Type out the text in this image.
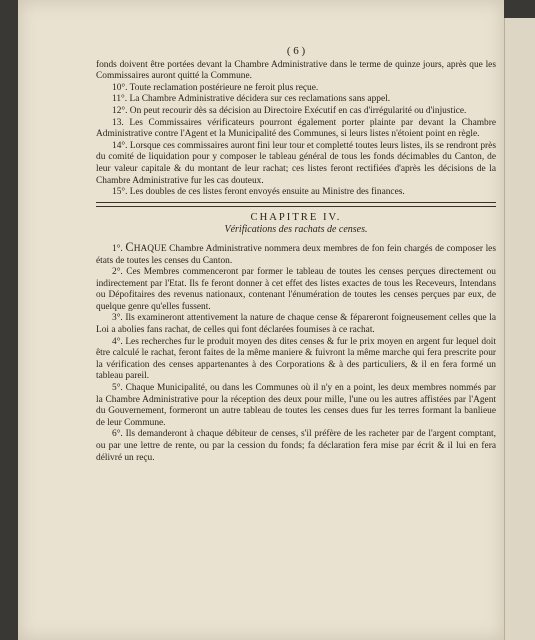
( 6 )

fonds doivent être portées devant la Chambre Administrative dans le terme de quinze jours, après que les Commissaires auront quitté la Commune.

10°. Toute reclamation postérieure ne feroit plus reçue.

11°. La Chambre Administrative décidera sur ces reclamations sans appel.

12°. On peut recourir dès sa décision au Directoire Exécutif en cas d'irrégularité ou d'injustice.

13. Les Commissaires vérificateurs pourront également porter plainte par devant la Chambre Administrative contre l'Agent et la Municipalité des Communes, si leurs listes n'étoient point en règle.

14°. Lorsque ces commissaires auront fini leur tour et completté toutes leurs listes, ils se rendront près du comité de liquidation pour y composer le tableau général de tous les fonds décimables du Canton, de leur valeur capitale & du montant de leur rachat; ces listes feront rectifiées d'après les décisions de la Chambre Administrative fur les cas douteux.

15°. Les doubles de ces listes feront envoyés ensuite au Ministre des finances.

CHAPITRE IV.
Vérifications des rachats de censes.

1°. CHAQUE Chambre Administrative nommera deux membres de fon fein chargés de composer les états de toutes les censes du Canton.

2°. Ces Membres commenceront par former le tableau de toutes les censes perçues directement ou indirectement par l'Etat. Ils fe feront donner à cet effet des listes exactes de tous les Receveurs, Intendans ou Dépofitaires des revenus nationaux, contenant l'énumération de toutes les censes perçues par eux, de quelque genre qu'elles fussent.

3°. Ils examineront attentivement la nature de chaque cense & fépareront foigneusement celles que la Loi a abolies fans rachat, de celles qui font déclarées foumises à ce rachat.

4°. Les recherches fur le produit moyen des dites censes & fur le prix moyen en argent fur lequel doit être calculé le rachat, feront faites de la même maniere & fuivront la même marche qui fera prescrite pour la vérification des censes appartenantes à des Corporations & à des particuliers, & il en fera formé un tableau pareil.

5°. Chaque Municipalité, ou dans les Communes où il n'y en a point, les deux membres nommés par la Chambre Administrative pour la réception des deux pour mille, l'une ou les autres affistées par l'Agent du Gouvernement, formeront un autre tableau de toutes les censes dues fur les terres formant la banlieue de leur Commune.

6°. Ils demanderont à chaque débiteur de censes, s'il préfère de les racheter par de l'argent comptant, ou par une lettre de rente, ou par la cession du fonds; fa déclaration fera mise par écrit & il lui en fera délivré un reçu.
